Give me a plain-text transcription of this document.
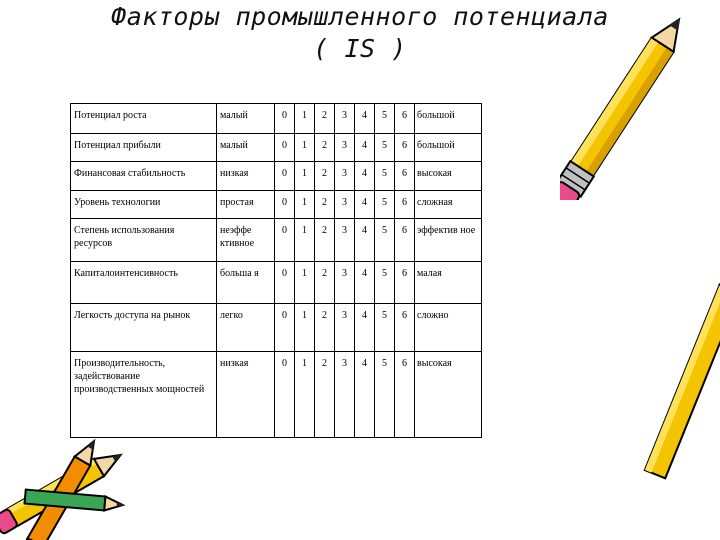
Факторы промышленного потенциала
( IS )
Потенциал роста	малый	0	1	2	3	4	5	6	большой
Потенциал прибыли	малый	0	1	2	3	4	5	6	большой
Финансовая стабильность	низкая	0	1	2	3	4	5	6	высокая
Уровень технологии	простая	0	1	2	3	4	5	6	сложная
Степень использования ресурсов	неэффе ктивное	0	1	2	3	4	5	6	эффектив ное
Капиталоинтенсивность	больша я	0	1	2	3	4	5	6	малая
Легкость доступа на рынок	легко	0	1	2	3	4	5	6	сложно
Производительность, задействование производственных мощностей	низкая	0	1	2	3	4	5	6	высокая
